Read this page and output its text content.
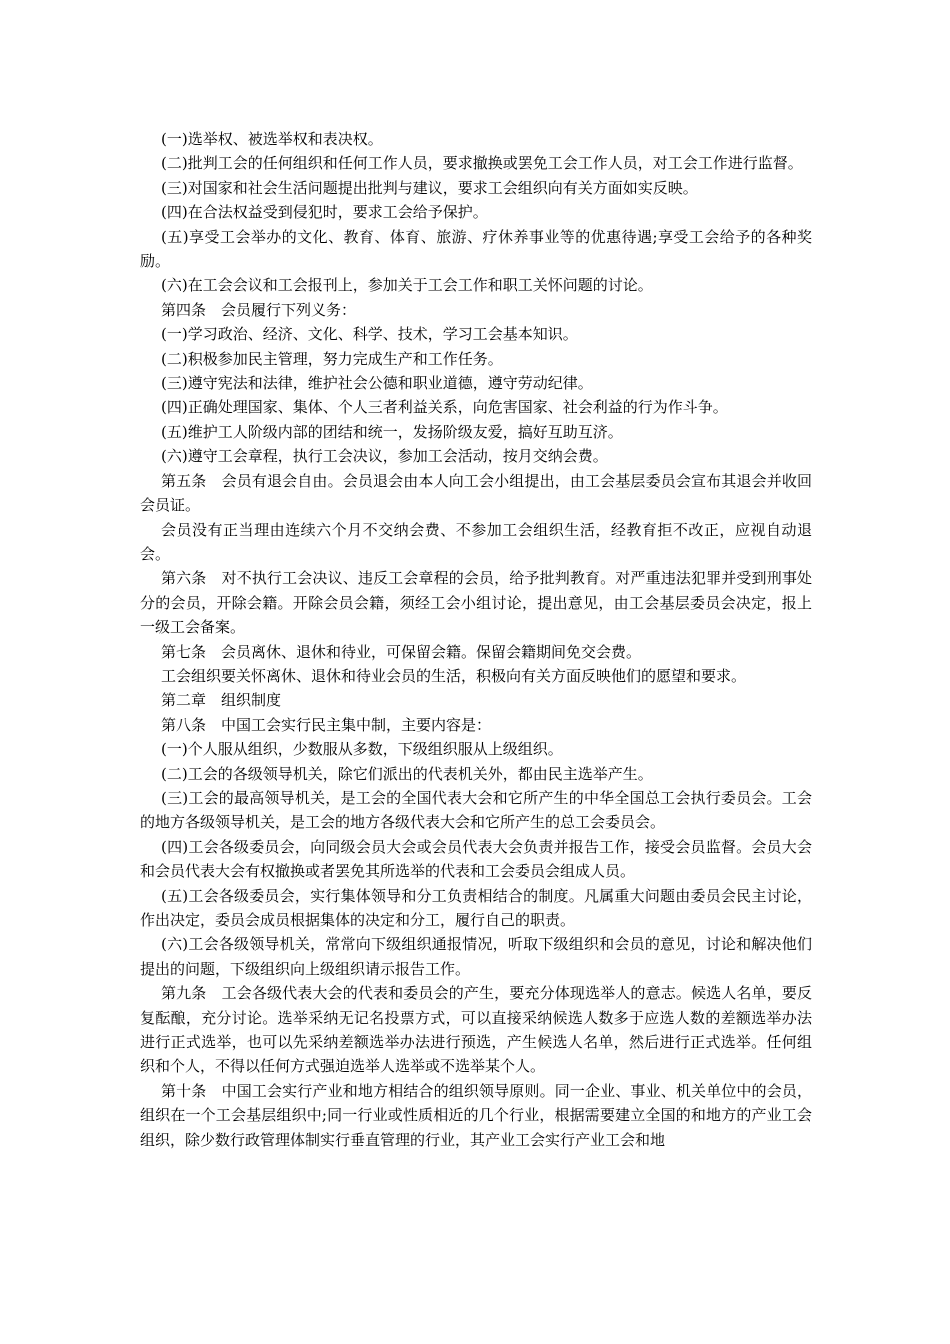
(一)选举权、被选举权和表决权。

(二)批判工会的任何组织和任何工作人员，要求撤换或罢免工会工作人员，对工会工作进行监督。

(三)对国家和社会生活问题提出批判与建议，要求工会组织向有关方面如实反映。

(四)在合法权益受到侵犯时，要求工会给予保护。

(五)享受工会举办的文化、教育、体育、旅游、疗休养事业等的优惠待遇;享受工会给予的各种奖励。

(六)在工会会议和工会报刊上，参加关于工会工作和职工关怀问题的讨论。

第四条　会员履行下列义务：

(一)学习政治、经济、文化、科学、技术，学习工会基本知识。

(二)积极参加民主管理，努力完成生产和工作任务。

(三)遵守宪法和法律，维护社会公德和职业道德，遵守劳动纪律。

(四)正确处理国家、集体、个人三者利益关系，向危害国家、社会利益的行为作斗争。

(五)维护工人阶级内部的团结和统一，发扬阶级友爱，搞好互助互济。

(六)遵守工会章程，执行工会决议，参加工会活动，按月交纳会费。

第五条　会员有退会自由。会员退会由本人向工会小组提出，由工会基层委员会宣布其退会并收回会员证。

会员没有正当理由连续六个月不交纳会费、不参加工会组织生活，经教育拒不改正，应视自动退会。

第六条　对不执行工会决议、违反工会章程的会员，给予批判教育。对严重违法犯罪并受到刑事处分的会员，开除会籍。开除会员会籍，须经工会小组讨论，提出意见，由工会基层委员会决定，报上一级工会备案。

第七条　会员离休、退休和待业，可保留会籍。保留会籍期间免交会费。

工会组织要关怀离休、退休和待业会员的生活，积极向有关方面反映他们的愿望和要求。

第二章　组织制度

第八条　中国工会实行民主集中制，主要内容是：

(一)个人服从组织，少数服从多数，下级组织服从上级组织。

(二)工会的各级领导机关，除它们派出的代表机关外，都由民主选举产生。

(三)工会的最高领导机关，是工会的全国代表大会和它所产生的中华全国总工会执行委员会。工会的地方各级领导机关，是工会的地方各级代表大会和它所产生的总工会委员会。

(四)工会各级委员会，向同级会员大会或会员代表大会负责并报告工作，接受会员监督。会员大会和会员代表大会有权撤换或者罢免其所选举的代表和工会委员会组成人员。

(五)工会各级委员会，实行集体领导和分工负责相结合的制度。凡属重大问题由委员会民主讨论，作出决定，委员会成员根据集体的决定和分工，履行自己的职责。

(六)工会各级领导机关，常常向下级组织通报情况，听取下级组织和会员的意见，讨论和解决他们提出的问题，下级组织向上级组织请示报告工作。

第九条　工会各级代表大会的代表和委员会的产生，要充分体现选举人的意志。候选人名单，要反复酝酿，充分讨论。选举采纳无记名投票方式，可以直接采纳候选人数多于应选人数的差额选举办法进行正式选举，也可以先采纳差额选举办法进行预选，产生候选人名单，然后进行正式选举。任何组织和个人，不得以任何方式强迫选举人选举或不选举某个人。

第十条　中国工会实行产业和地方相结合的组织领导原则。同一企业、事业、机关单位中的会员，组织在一个工会基层组织中;同一行业或性质相近的几个行业，根据需要建立全国的和地方的产业工会组织，除少数行政管理体制实行垂直管理的行业，其产业工会实行产业工会和地
